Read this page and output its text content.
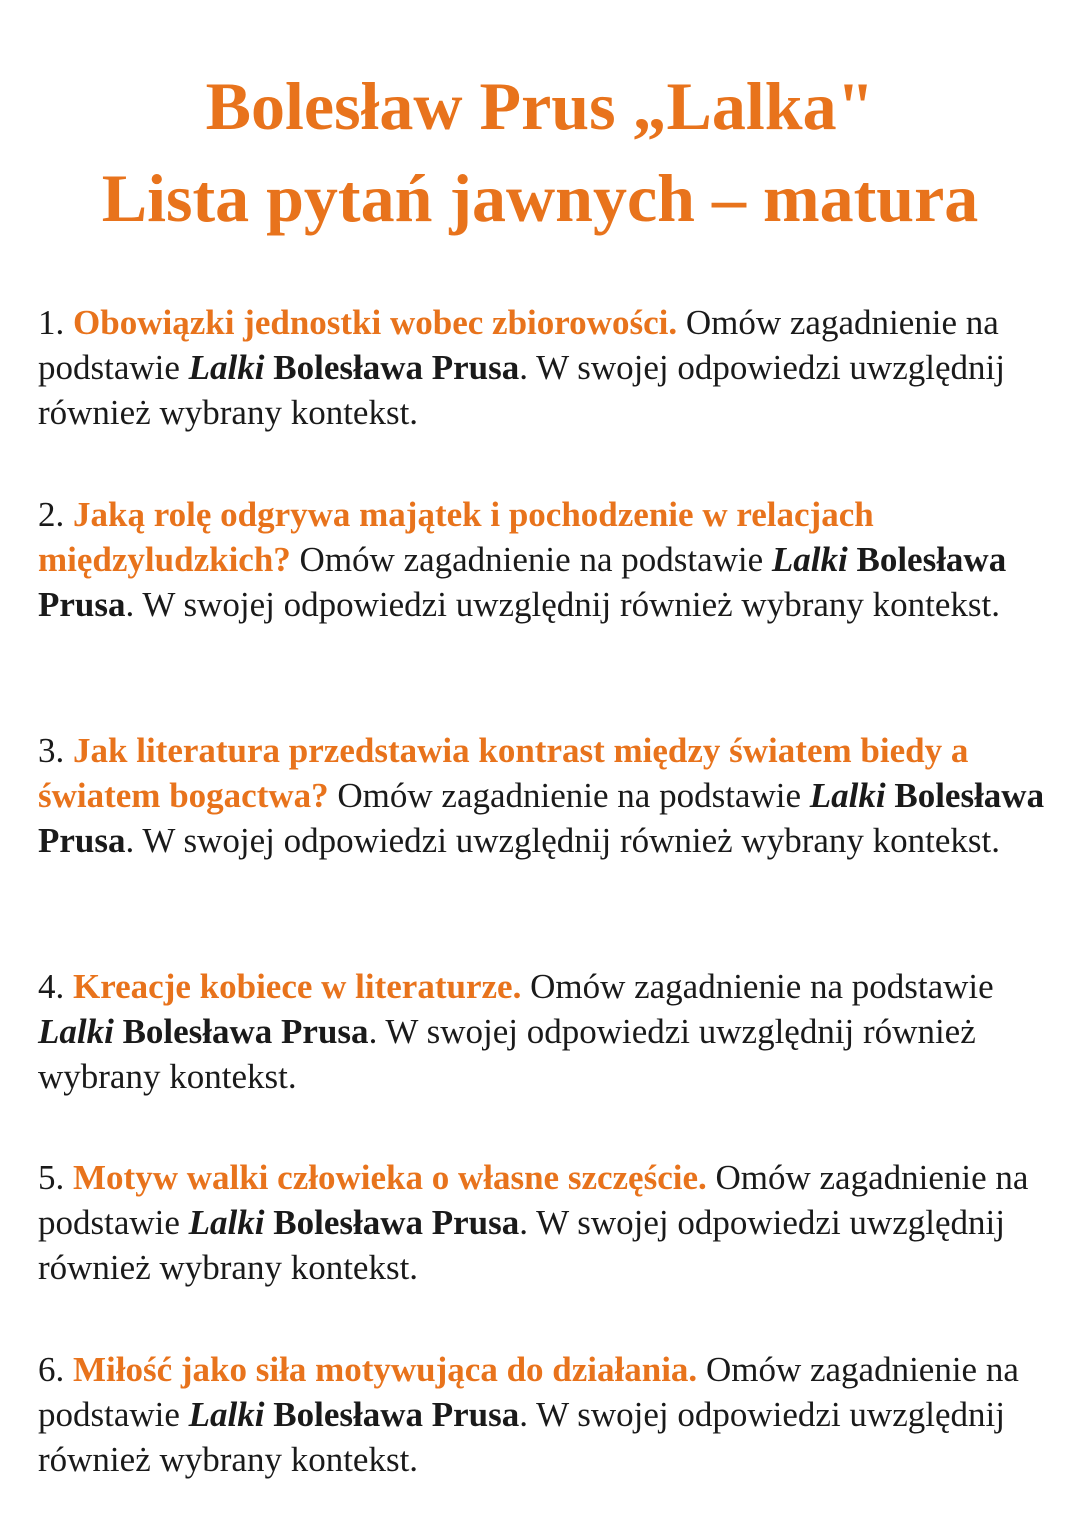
Bolesław Prus „Lalka"
Lista pytań jawnych – matura
1. Obowiązki jednostki wobec zbiorowości. Omów zagadnienie na podstawie Lalki Bolesława Prusa. W swojej odpowiedzi uwzględnij również wybrany kontekst.
2. Jaką rolę odgrywa majątek i pochodzenie w relacjach międzyludzkich? Omów zagadnienie na podstawie Lalki Bolesława Prusa. W swojej odpowiedzi uwzględnij również wybrany kontekst.
3. Jak literatura przedstawia kontrast między światem biedy a światem bogactwa? Omów zagadnienie na podstawie Lalki Bolesława Prusa. W swojej odpowiedzi uwzględnij również wybrany kontekst.
4. Kreacje kobiece w literaturze. Omów zagadnienie na podstawie Lalki Bolesława Prusa. W swojej odpowiedzi uwzględnij również wybrany kontekst.
5. Motyw walki człowieka o własne szczęście. Omów zagadnienie na podstawie Lalki Bolesława Prusa. W swojej odpowiedzi uwzględnij również wybrany kontekst.
6. Miłość jako siła motywująca do działania. Omów zagadnienie na podstawie Lalki Bolesława Prusa. W swojej odpowiedzi uwzględnij również wybrany kontekst.
